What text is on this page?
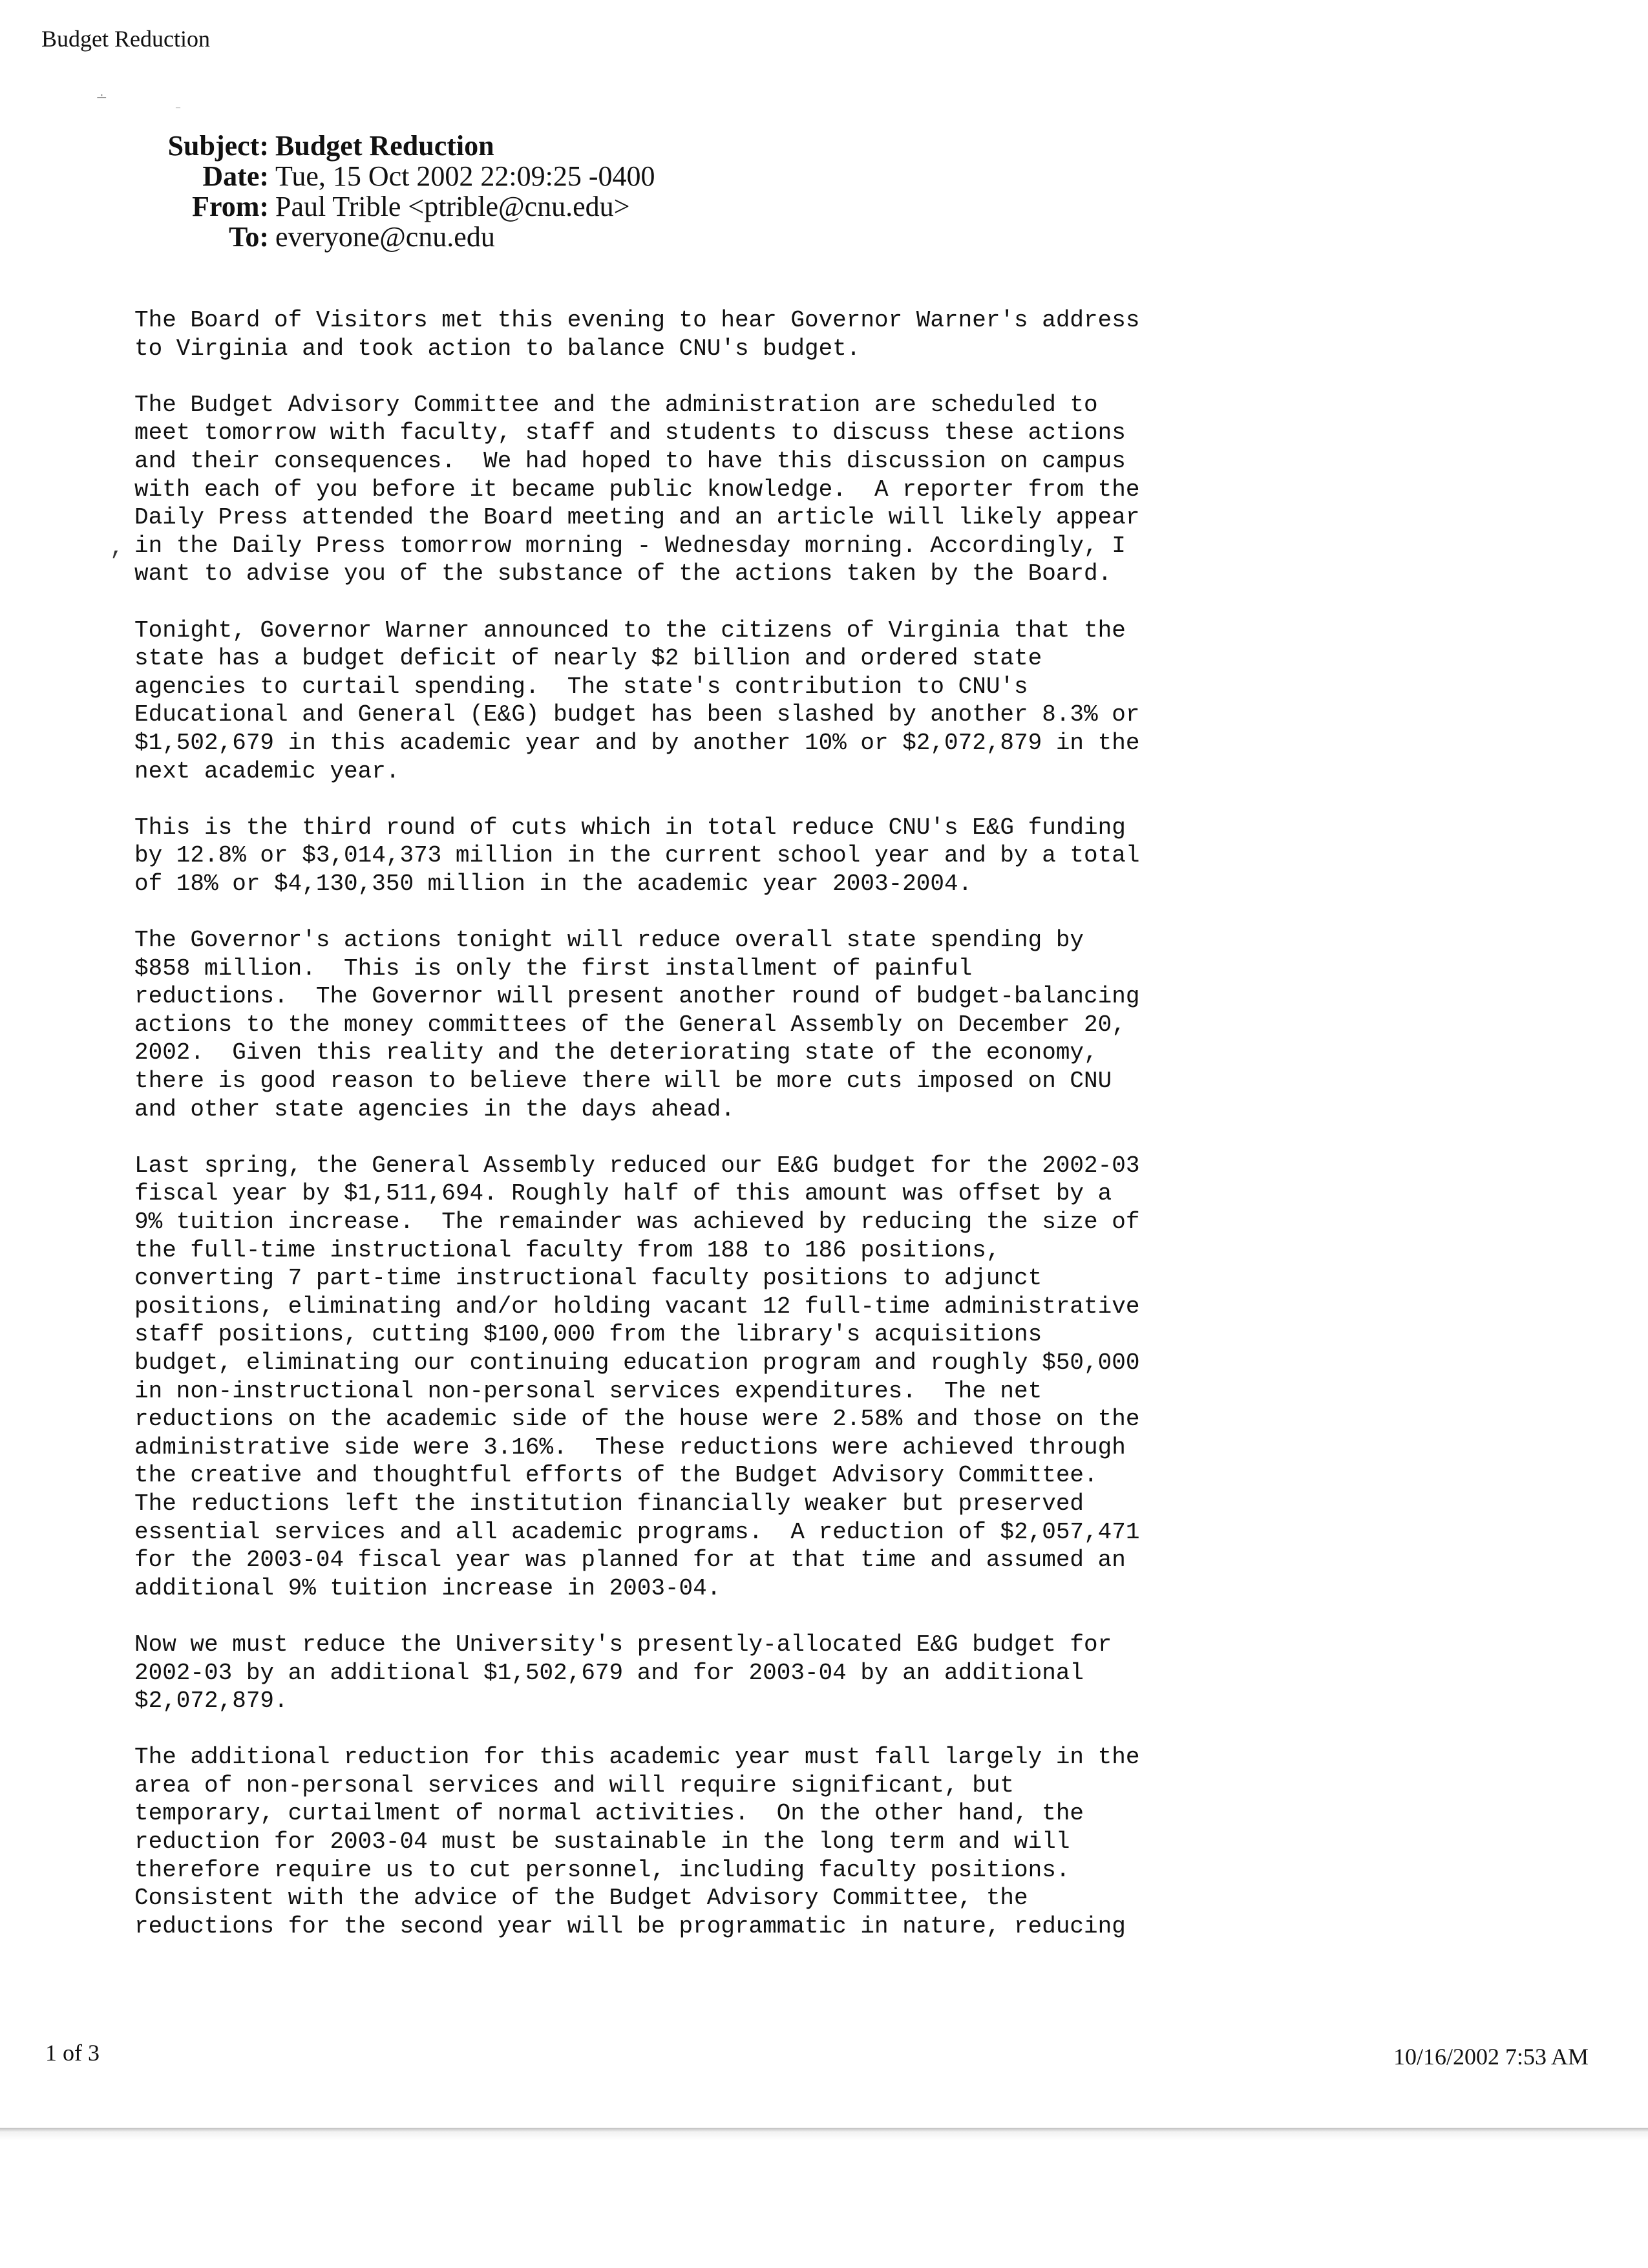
Budget Reduction
∸
–
Subject: Budget Reduction
Date: Tue, 15 Oct 2002 22:09:25 -0400
From: Paul Trible <ptrible@cnu.edu>
To: everyone@cnu.edu
,
The Board of Visitors met this evening to hear Governor Warner's address
to Virginia and took action to balance CNU's budget.
The Budget Advisory Committee and the administration are scheduled to
meet tomorrow with faculty, staff and students to discuss these actions
and their consequences.  We had hoped to have this discussion on campus
with each of you before it became public knowledge.  A reporter from the
Daily Press attended the Board meeting and an article will likely appear
in the Daily Press tomorrow morning - Wednesday morning. Accordingly, I
want to advise you of the substance of the actions taken by the Board.
Tonight, Governor Warner announced to the citizens of Virginia that the
state has a budget deficit of nearly $2 billion and ordered state
agencies to curtail spending.  The state's contribution to CNU's
Educational and General (E&G) budget has been slashed by another 8.3% or
$1,502,679 in this academic year and by another 10% or $2,072,879 in the
next academic year.
This is the third round of cuts which in total reduce CNU's E&G funding
by 12.8% or $3,014,373 million in the current school year and by a total
of 18% or $4,130,350 million in the academic year 2003-2004.
The Governor's actions tonight will reduce overall state spending by
$858 million.  This is only the first installment of painful
reductions.  The Governor will present another round of budget-balancing
actions to the money committees of the General Assembly on December 20,
2002.  Given this reality and the deteriorating state of the economy,
there is good reason to believe there will be more cuts imposed on CNU
and other state agencies in the days ahead.
Last spring, the General Assembly reduced our E&G budget for the 2002-03
fiscal year by $1,511,694. Roughly half of this amount was offset by a
9% tuition increase.  The remainder was achieved by reducing the size of
the full-time instructional faculty from 188 to 186 positions,
converting 7 part-time instructional faculty positions to adjunct
positions, eliminating and/or holding vacant 12 full-time administrative
staff positions, cutting $100,000 from the library's acquisitions
budget, eliminating our continuing education program and roughly $50,000
in non-instructional non-personal services expenditures.  The net
reductions on the academic side of the house were 2.58% and those on the
administrative side were 3.16%.  These reductions were achieved through
the creative and thoughtful efforts of the Budget Advisory Committee.
The reductions left the institution financially weaker but preserved
essential services and all academic programs.  A reduction of $2,057,471
for the 2003-04 fiscal year was planned for at that time and assumed an
additional 9% tuition increase in 2003-04.
Now we must reduce the University's presently-allocated E&G budget for
2002-03 by an additional $1,502,679 and for 2003-04 by an additional
$2,072,879.
The additional reduction for this academic year must fall largely in the
area of non-personal services and will require significant, but
temporary, curtailment of normal activities.  On the other hand, the
reduction for 2003-04 must be sustainable in the long term and will
therefore require us to cut personnel, including faculty positions.
Consistent with the advice of the Budget Advisory Committee, the
reductions for the second year will be programmatic in nature, reducing
1 of 3	10/16/2002 7:53 AM
